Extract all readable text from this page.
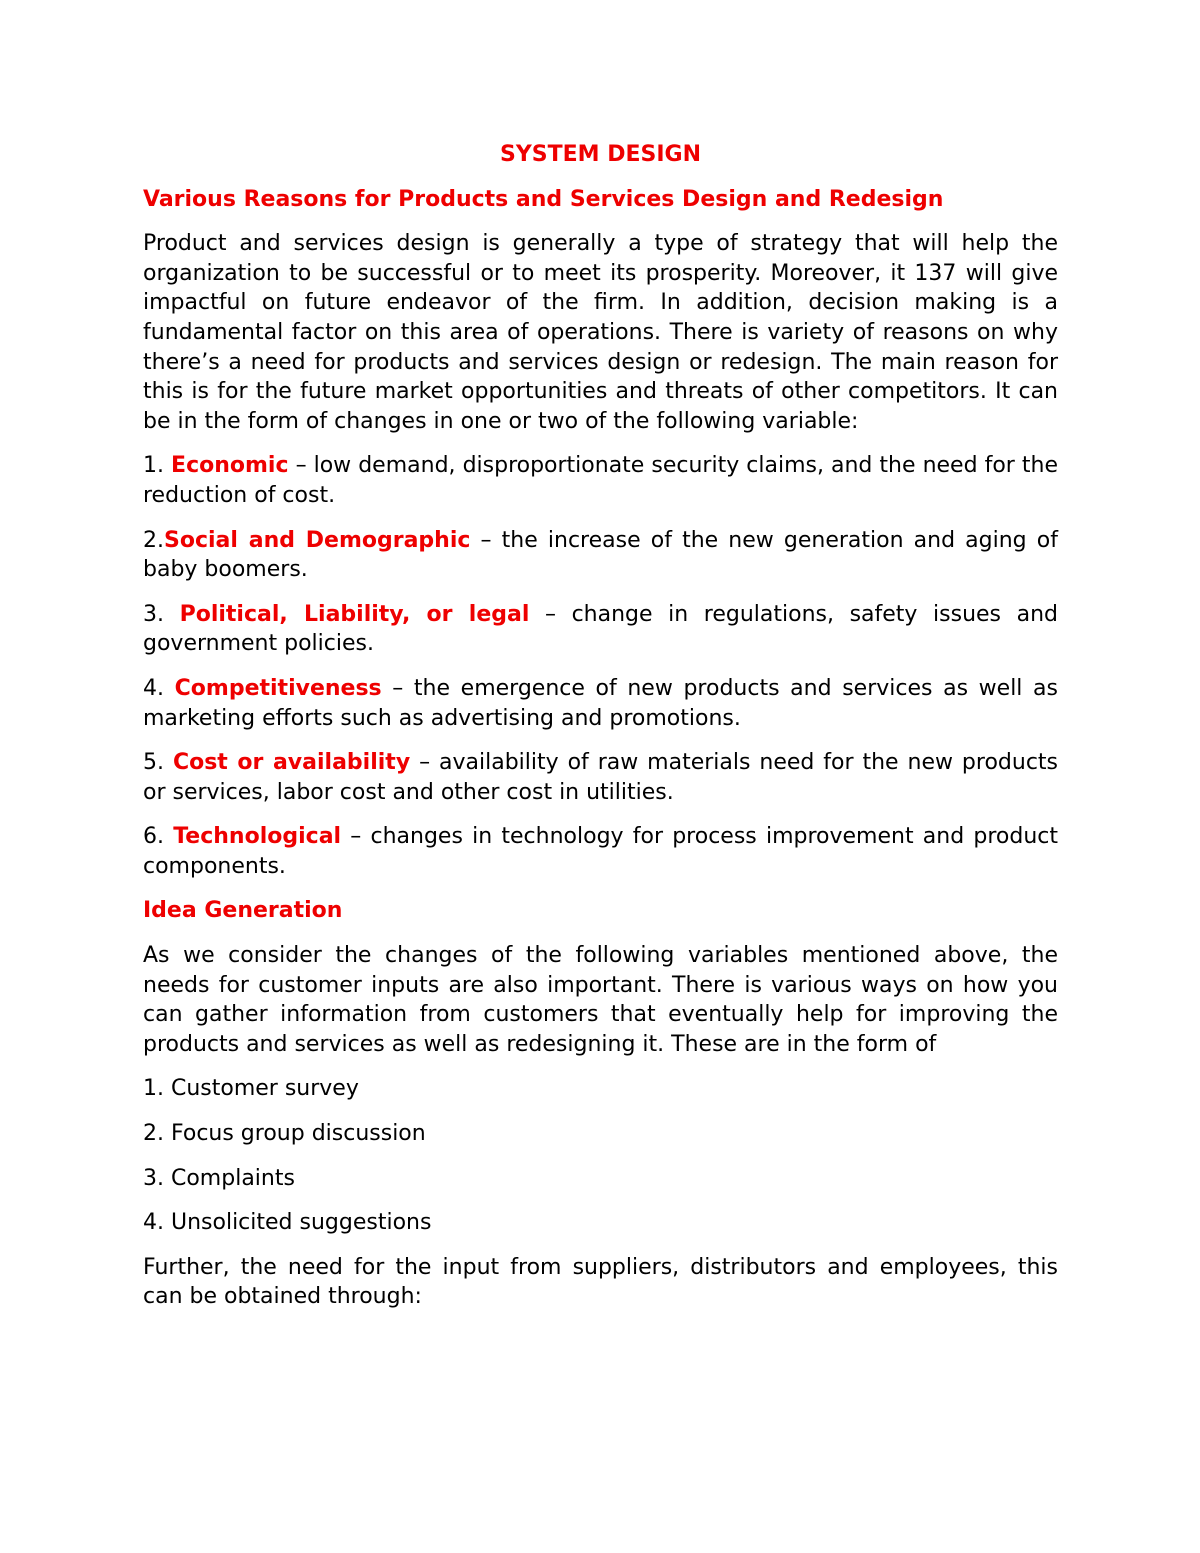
SYSTEM DESIGN

Various Reasons for Products and Services Design and Redesign

Product and services design is generally a type of strategy that will help the organization to be successful or to meet its prosperity. Moreover, it 137 will give impactful on future endeavor of the firm. In addition, decision making is a fundamental factor on this area of operations. There is variety of reasons on why there’s a need for products and services design or redesign. The main reason for this is for the future market opportunities and threats of other competitors. It can be in the form of changes in one or two of the following variable:

1. Economic – low demand, disproportionate security claims, and the need for the reduction of cost.

2.Social and Demographic – the increase of the new generation and aging of baby boomers.

3. Political, Liability, or legal – change in regulations, safety issues and government policies.

4. Competitiveness – the emergence of new products and services as well as marketing efforts such as advertising and promotions.

5. Cost or availability – availability of raw materials need for the new products or services, labor cost and other cost in utilities.

6. Technological – changes in technology for process improvement and product components.

Idea Generation

As we consider the changes of the following variables mentioned above, the needs for customer inputs are also important. There is various ways on how you can gather information from customers that eventually help for improving the products and services as well as redesigning it. These are in the form of

1. Customer survey

2. Focus group discussion

3. Complaints

4. Unsolicited suggestions

Further, the need for the input from suppliers, distributors and employees, this can be obtained through:
